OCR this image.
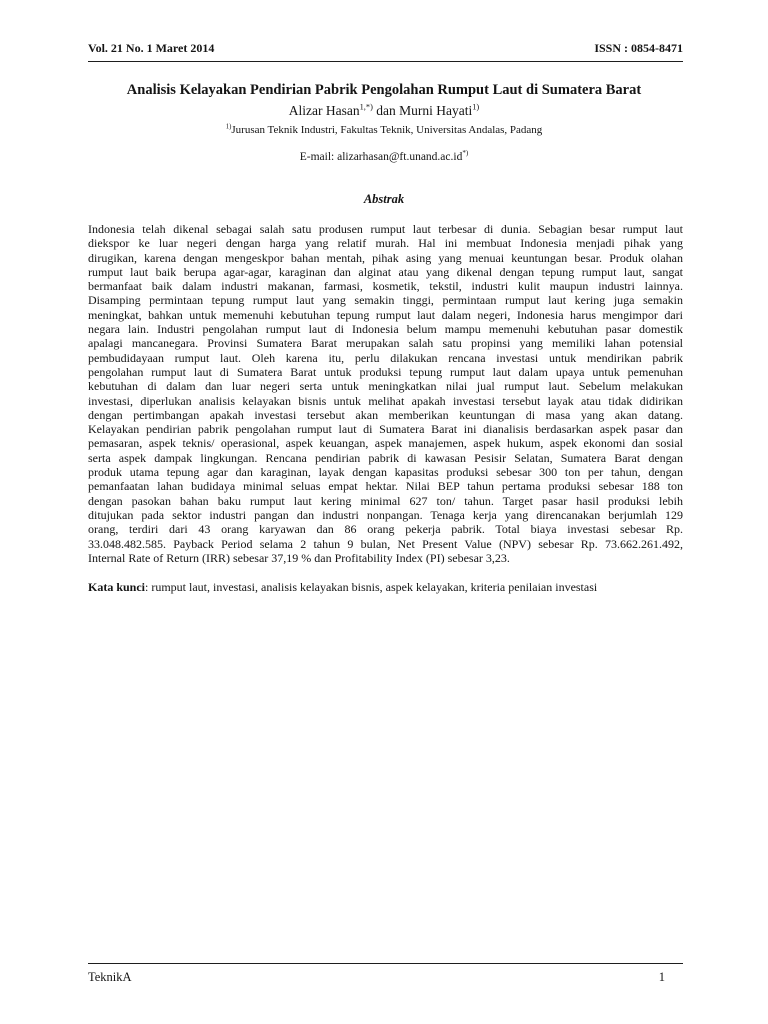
Vol. 21 No. 1 Maret 2014	ISSN : 0854-8471
Analisis Kelayakan Pendirian Pabrik Pengolahan Rumput Laut di Sumatera Barat
Alizar Hasan$^{1,*)}$ dan Murni Hayati$^{1)}$
$^{1)}$Jurusan Teknik Industri, Fakultas Teknik, Universitas Andalas, Padang
E-mail: alizarhasan@ft.unand.ac.id*)
Abstrak
Indonesia telah dikenal sebagai salah satu produsen rumput laut terbesar di dunia. Sebagian besar rumput laut
diekspor ke luar negeri dengan harga yang relatif murah. Hal ini membuat Indonesia menjadi pihak yang
dirugikan, karena dengan mengeskpor bahan mentah, pihak asing yang menuai keuntungan besar. Produk olahan
rumput laut baik berupa agar-agar, karaginan dan alginat atau yang dikenal dengan tepung rumput laut, sangat
bermanfaat baik dalam industri makanan, farmasi, kosmetik, tekstil, industri kulit maupun industri lainnya.
Disamping permintaan tepung rumput laut yang semakin tinggi, permintaan rumput laut kering juga semakin
meningkat, bahkan untuk memenuhi kebutuhan tepung rumput laut dalam negeri, Indonesia harus mengimpor dari
negara lain. Industri pengolahan rumput laut di Indonesia belum mampu memenuhi kebutuhan pasar domestik
apalagi mancanegara. Provinsi Sumatera Barat merupakan salah satu propinsi yang memiliki lahan potensial
pembudidayaan rumput laut. Oleh karena itu, perlu dilakukan rencana investasi untuk mendirikan pabrik
pengolahan rumput laut di Sumatera Barat untuk produksi tepung rumput laut dalam upaya untuk pemenuhan
kebutuhan di dalam dan luar negeri serta untuk meningkatkan nilai jual rumput laut. Sebelum melakukan
investasi, diperlukan analisis kelayakan bisnis untuk melihat apakah investasi tersebut layak atau tidak didirikan
dengan pertimbangan apakah investasi tersebut akan memberikan keuntungan di masa yang akan datang.
Kelayakan pendirian pabrik pengolahan rumput laut di Sumatera Barat ini dianalisis berdasarkan aspek pasar dan
pemasaran, aspek teknis/ operasional, aspek keuangan, aspek manajemen, aspek hukum, aspek ekonomi dan sosial
serta aspek dampak lingkungan. Rencana pendirian pabrik di kawasan Pesisir Selatan, Sumatera Barat dengan
produk utama tepung agar dan karaginan, layak dengan kapasitas produksi sebesar 300 ton per tahun, dengan
pemanfaatan lahan budidaya minimal seluas empat hektar. Nilai BEP tahun pertama produksi sebesar 188 ton
dengan pasokan bahan baku rumput laut kering minimal 627 ton/ tahun. Target pasar hasil produksi lebih
ditujukan pada sektor industri pangan dan industri nonpangan. Tenaga kerja yang direncanakan berjumlah 129
orang, terdiri dari 43 orang karyawan dan 86 orang pekerja pabrik. Total biaya investasi sebesar Rp.
33.048.482.585. Payback Period selama 2 tahun 9 bulan, Net Present Value (NPV) sebesar Rp. 73.662.261.492,
Internal Rate of Return (IRR) sebesar 37,19 % dan Profitability Index (PI) sebesar 3,23.
Kata kunci: rumput laut, investasi, analisis kelayakan bisnis, aspek kelayakan, kriteria penilaian investasi
TeknikA	1
